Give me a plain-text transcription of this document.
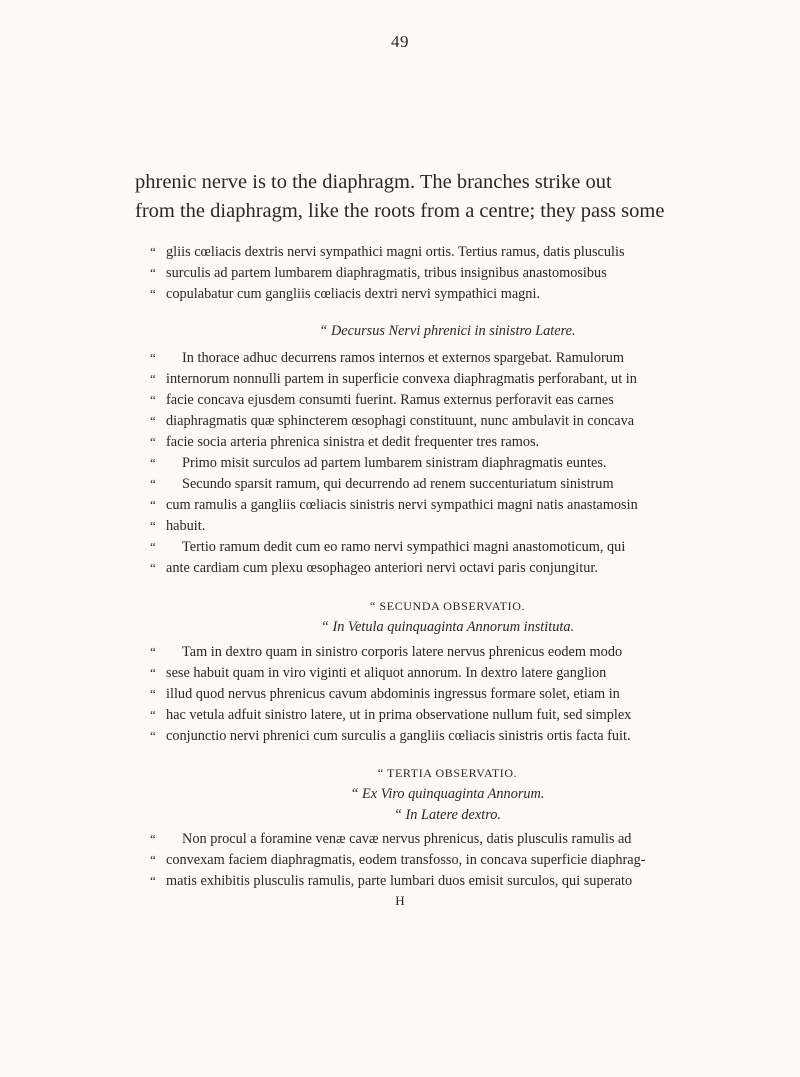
49
phrenic nerve is to the diaphragm. The branches strike out
from the diaphragm, like the roots from a centre; they pass some
“ gliis cœliacis dextris nervi sympathici magni ortis. Tertius ramus, datis plusculis
“ surculis ad partem lumbarem diaphragmatis, tribus insignibus anastomosibus
“ copulabatur cum gangliis cœliacis dextri nervi sympathici magni.
“ Decursus Nervi phrenici in sinistro Latere.
“ In thorace adhuc decurrens ramos internos et externos spargebat. Ramulorum
“ internorum nonnulli partem in superficie convexa diaphragmatis perforabant, ut in
“ facie concava ejusdem consumti fuerint. Ramus externus perforavit eas carnes
“ diaphragmatis quæ sphincterem œsophagi constituunt, nunc ambulavit in concava
“ facie socia arteria phrenica sinistra et dedit frequenter tres ramos.
“ Primo misit surculos ad partem lumbarem sinistram diaphragmatis euntes.
“ Secundo sparsit ramum, qui decurrendo ad renem succenturiatum sinistrum
“ cum ramulis a gangliis cœliacis sinistris nervi sympathici magni natis anastamosin
“ habuit.
“ Tertio ramum dedit cum eo ramo nervi sympathici magni anastomoticum, qui
“ ante cardiam cum plexu œsophageo anteriori nervi octavi paris conjungitur.
“ SECUNDA OBSERVATIO.
“ In Vetula quinquaginta Annorum instituta.
“ Tam in dextro quam in sinistro corporis latere nervus phrenicus eodem modo
“ sese habuit quam in viro viginti et aliquot annorum. In dextro latere ganglion
“ illud quod nervus phrenicus cavum abdominis ingressus formare solet, etiam in
“ hac vetula adfuit sinistro latere, ut in prima observatione nullum fuit, sed simplex
“ conjunctio nervi phrenici cum surculis a gangliis cœliacis sinistris ortis facta fuit.
“ TERTIA OBSERVATIO.
“ Ex Viro quinquaginta Annorum.
“ In Latere dextro.
“ Non procul a foramine venæ cavæ nervus phrenicus, datis plusculis ramulis ad
“ convexam faciem diaphragmatis, eodem transfosso, in concava superficie diaphrag-
“ matis exhibitis plusculis ramulis, parte lumbari duos emisit surculos, qui superato
H
